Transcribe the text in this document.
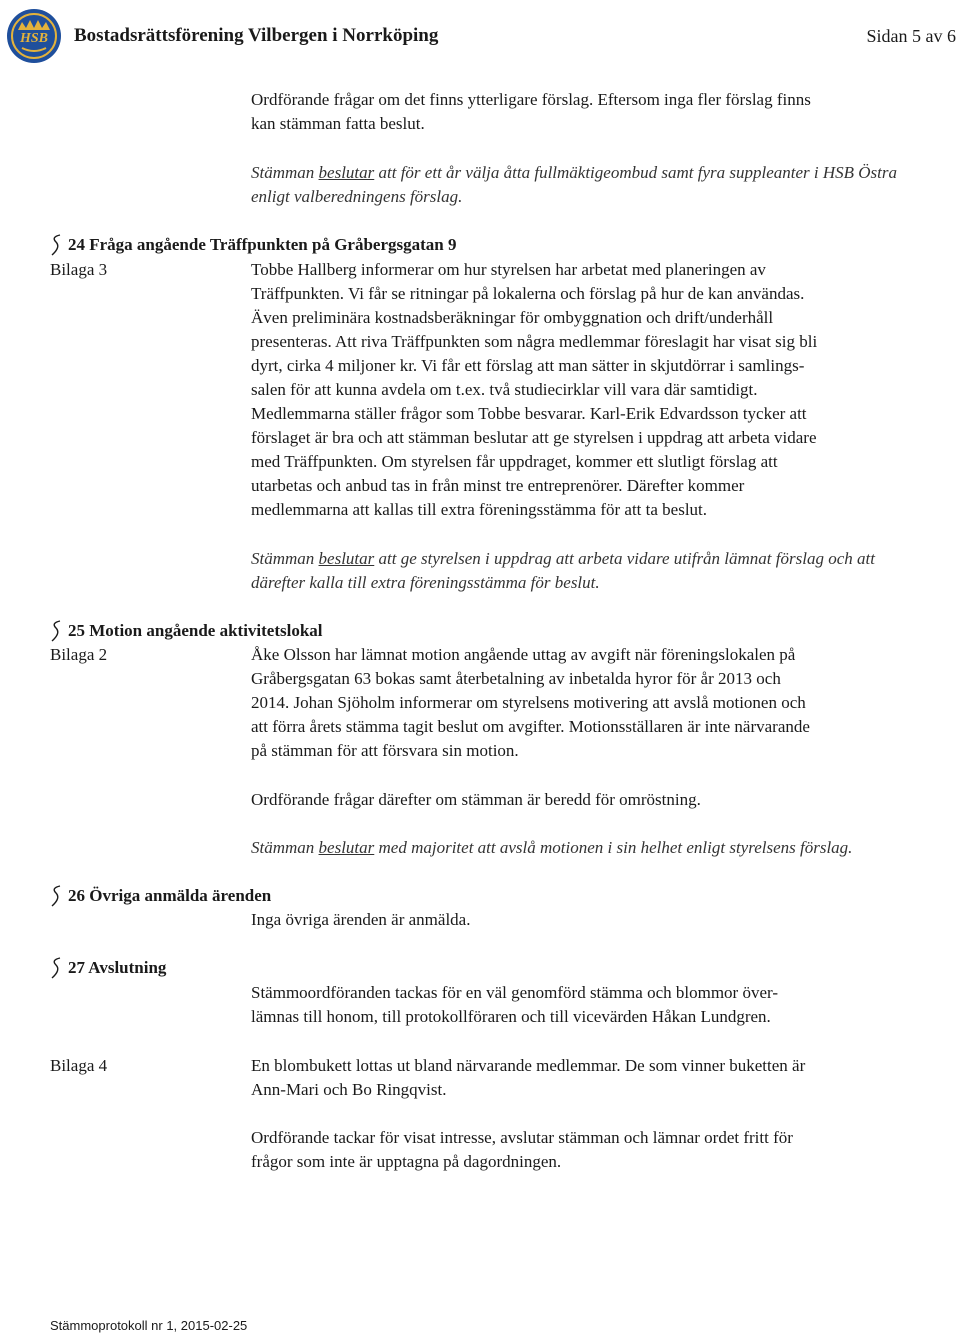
HSB Bostadsrättsförening Vilbergen i Norrköping	Sidan 5 av 6
Ordförande frågar om det finns ytterligare förslag. Eftersom inga fler förslag finns
kan stämman fatta beslut.
Stämman beslutar att för ett år välja åtta fullmäktigeombud samt fyra suppleanter i HSB Östra
enligt valberedningens förslag.
24 Fråga angående Träffpunkten på Gråbergsgatan 9
Bilaga 3	Tobbe Hallberg informerar om hur styrelsen har arbetat med planeringen av
Träffpunkten. Vi får se ritningar på lokalerna och förslag på hur de kan användas.
Även preliminära kostnadsberäkningar för ombyggnation och drift/underhåll
presenteras. Att riva Träffpunkten som några medlemmar föreslagit har visat sig bli
dyrt, cirka 4 miljoner kr. Vi får ett förslag att man sätter in skjutdörrar i samlings-
salen för att kunna avdela om t.ex. två studiecirklar vill vara där samtidigt.
Medlemmarna ställer frågor som Tobbe besvarar. Karl-Erik Edvardsson tycker att
förslaget är bra och att stämman beslutar att ge styrelsen i uppdrag att arbeta vidare
med Träffpunkten. Om styrelsen får uppdraget, kommer ett slutligt förslag att
utarbetas och anbud tas in från minst tre entreprenörer. Därefter kommer
medlemmarna att kallas till extra föreningsstämma för att ta beslut.
Stämman beslutar att ge styrelsen i uppdrag att arbeta vidare utifrån lämnat förslag och att
därefter kalla till extra föreningsstämma för beslut.
25 Motion angående aktivitetslokal
Bilaga 2	Åke Olsson har lämnat motion angående uttag av avgift när föreningslokalen på
Gråbergsgatan 63 bokas samt återbetalning av inbetalda hyror för år 2013 och
2014. Johan Sjöholm informerar om styrelsens motivering att avslå motionen och
att förra årets stämma tagit beslut om avgifter. Motionsställaren är inte närvarande
på stämman för att försvara sin motion.
Ordförande frågar därefter om stämman är beredd för omröstning.
Stämman beslutar med majoritet att avslå motionen i sin helhet enligt styrelsens förslag.
26 Övriga anmälda ärenden
Inga övriga ärenden är anmälda.
27 Avslutning
Stämmoordföranden tackas för en väl genomförd stämma och blommor över-
lämnas till honom, till protokollföraren och till vicevärden Håkan Lundgren.
Bilaga 4	En blombukett lottas ut bland närvarande medlemmar. De som vinner buketten är
Ann-Mari och Bo Ringqvist.
Ordförande tackar för visat intresse, avslutar stämman och lämnar ordet fritt för
frågor som inte är upptagna på dagordningen.
Stämmoprotokoll nr 1, 2015-02-25
